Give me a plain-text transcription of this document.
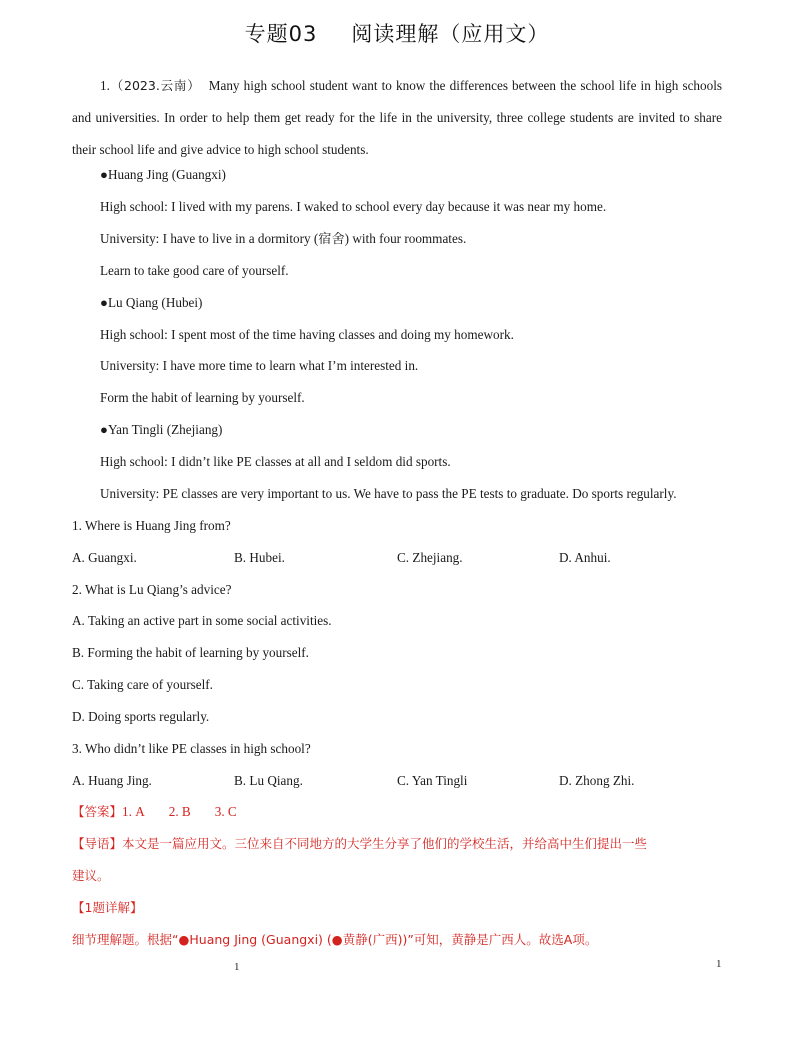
专题03 阅读理解（应用文）
1.（2023.云南） Many high school student want to know the differences between the school life in high schools and universities. In order to help them get ready for the life in the university, three college students are invited to share their school life and give advice to high school students.
●Huang Jing (Guangxi)
High school: I lived with my parens. I waked to school every day because it was near my home.
University: I have to live in a dormitory (宿舍) with four roommates.
Learn to take good care of yourself.
●Lu Qiang (Hubei)
High school: I spent most of the time having classes and doing my homework.
University: I have more time to learn what I’m interested in.
Form the habit of learning by yourself.
●Yan Tingli (Zhejiang)
High school: I didn’t like PE classes at all and I seldom did sports.
University: PE classes are very important to us. We have to pass the PE tests to graduate. Do sports regularly.
1. Where is Huang Jing from?
A. Guangxi.	B. Hubei.	C. Zhejiang.	D. Anhui.
2. What is Lu Qiang’s advice?
A. Taking an active part in some social activities.
B. Forming the habit of learning by yourself.
C. Taking care of yourself.
D. Doing sports regularly.
3. Who didn’t like PE classes in high school?
A. Huang Jing.	B. Lu Qiang.	C. Yan Tingli	D. Zhong Zhi.
【答案】1. A 2. B 3. C
【导语】本文是一篇应用文。三位来自不同地方的大学生分享了他们的学校生活，并给高中生们提出一些
建议。
【1题详解】
细节理解题。根据“●Huang Jing (Guangxi) (●黄静(广西))”可知，黄静是广西人。故选A项。
1	1
